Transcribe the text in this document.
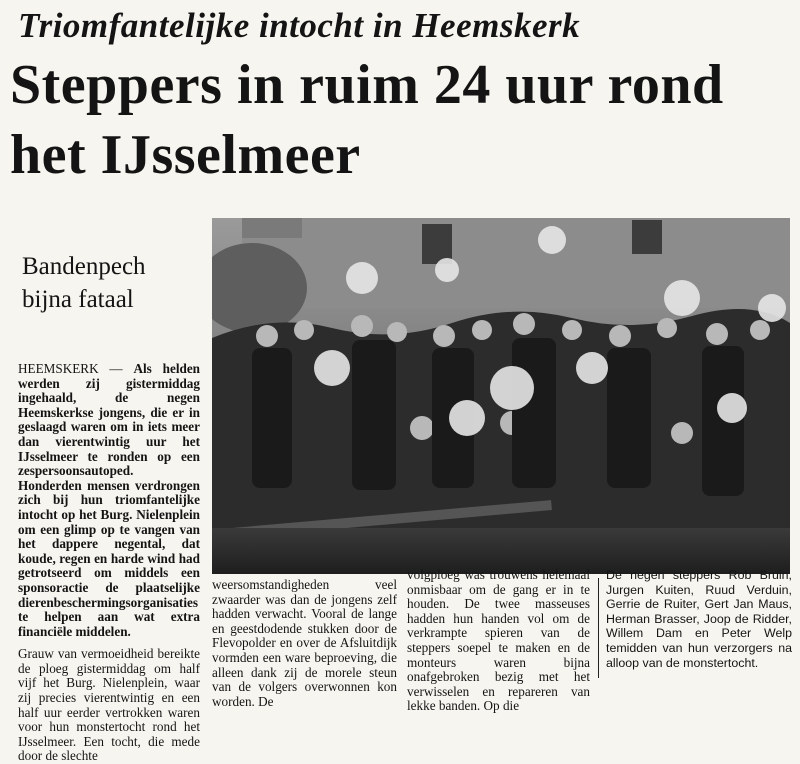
Triomfantelijke intocht in Heemskerk
Steppers in ruim 24 uur rond het IJsselmeer
Bandenpech bijna fataal

HEEMSKERK — Als helden werden zij gistermiddag ingehaald, de negen Heemskerkse jongens, die er in geslaagd waren om in iets meer dan vierentwintig uur het IJsselmeer te ronden op een zespersoonsautoped. Honderden mensen verdrongen zich bij hun triomfantelijke intocht op het Burg. Nielenplein om een glimp op te vangen van het dappere negental, dat koude, regen en harde wind had getrotseerd om middels een sponsoractie de plaatselijke dierenbeschermingsorganisaties te helpen aan wat extra financiële middelen.

Grauw van vermoeidheid bereikte de ploeg gistermiddag om half vijf het Burg. Nielenplein, waar zij precies vierentwintig en een half uur eerder vertrokken waren voor hun monstertocht rond het IJsselmeer. Een tocht, die mede door de slechte

weersomstandigheden veel zwaarder was dan de jongens zelf hadden verwacht. Vooral de lange en geestdodende stukken door de Flevopolder en over de Afsluitdijk vormden een ware beproeving, die alleen dank zij de morele steun van de volgers overwonnen kon worden. De

volgploeg was trouwens helemaal onmisbaar om de gang er in te houden. De twee masseuses hadden hun handen vol om de verkrampte spieren van de steppers soepel te maken en de monteurs waren bijna onafgebroken bezig met het verwisselen en repareren van lekke banden. Op die

De negen steppers Rob Bruin, Jurgen Kuiten, Ruud Verduin, Gerrie de Ruiter, Gert Jan Maus, Herman Brasser, Joop de Ridder, Willem Dam en Peter Welp temidden van hun verzorgers na alloop van de monstertocht.
